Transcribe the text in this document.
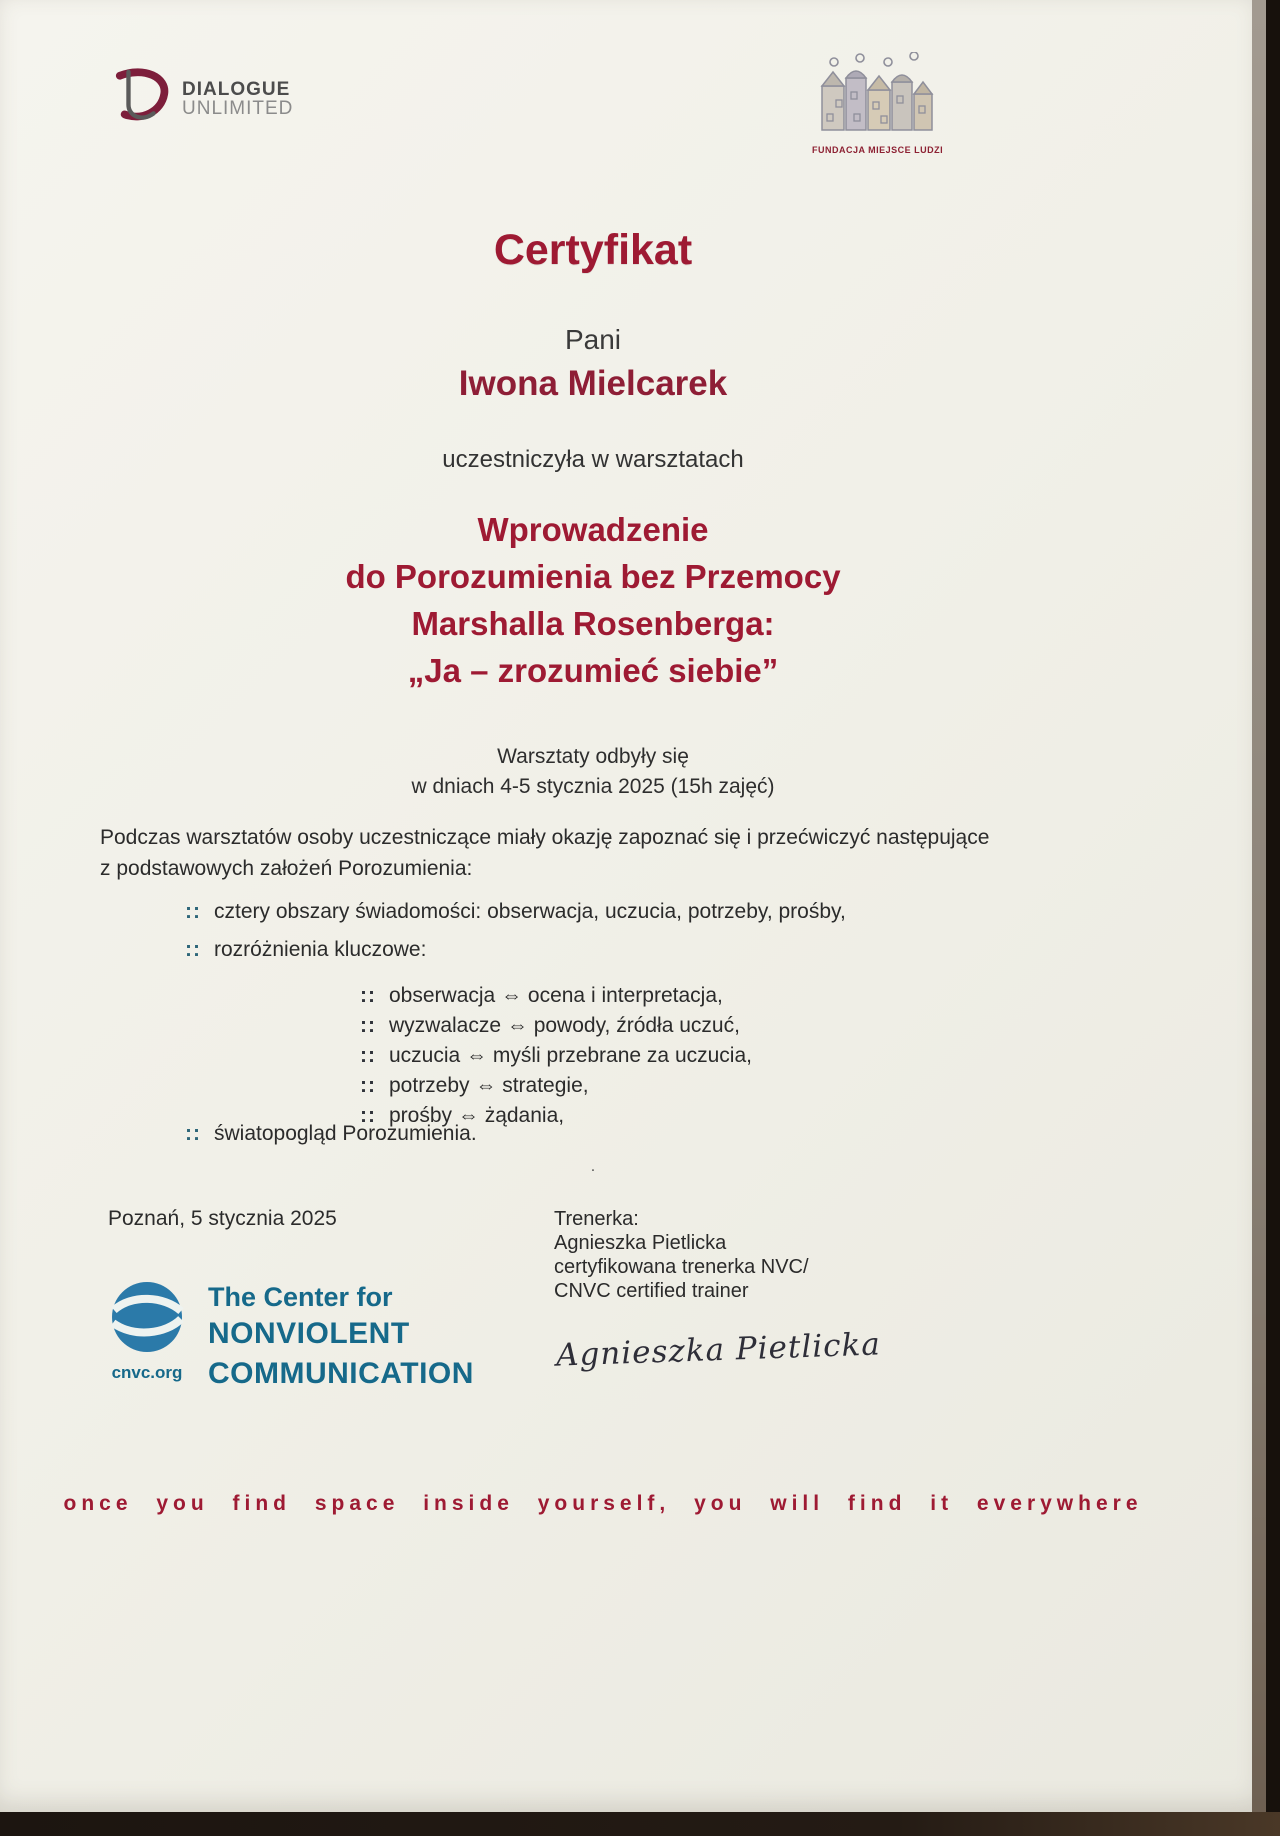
DIALOGUE
UNLIMITED
FUNDACJA MIEJSCE LUDZI
Certyfikat
Pani
Iwona Mielcarek
uczestniczyła w warsztatach
Wprowadzenie
do Porozumienia bez Przemocy
Marshalla Rosenberga:
„Ja – zrozumieć siebie”
Warsztaty odbyły się
w dniach 4-5 stycznia 2025 (15h zajęć)
Podczas warsztatów osoby uczestniczące miały okazję zapoznać się i przećwiczyć następujące
z podstawowych założeń Porozumienia:
:: cztery obszary świadomości: obserwacja, uczucia, potrzeby, prośby,
:: rozróżnienia kluczowe:
:: obserwacja ⇔ ocena i interpretacja,
:: wyzwalacze ⇔ powody, źródła uczuć,
:: uczucia ⇔ myśli przebrane za uczucia,
:: potrzeby ⇔ strategie,
:: prośby ⇔ żądania,
:: światopogląd Porozumienia.
.
Poznań, 5 stycznia 2025	Trenerka:
Agnieszka Pietlicka
certyfikowana trenerka NVC/
CNVC certified trainer
cnvc.org
The Center for
NONVIOLENT
COMMUNICATION	Agnieszka Pietlicka
once you find space inside yourself, you will find it everywhere
